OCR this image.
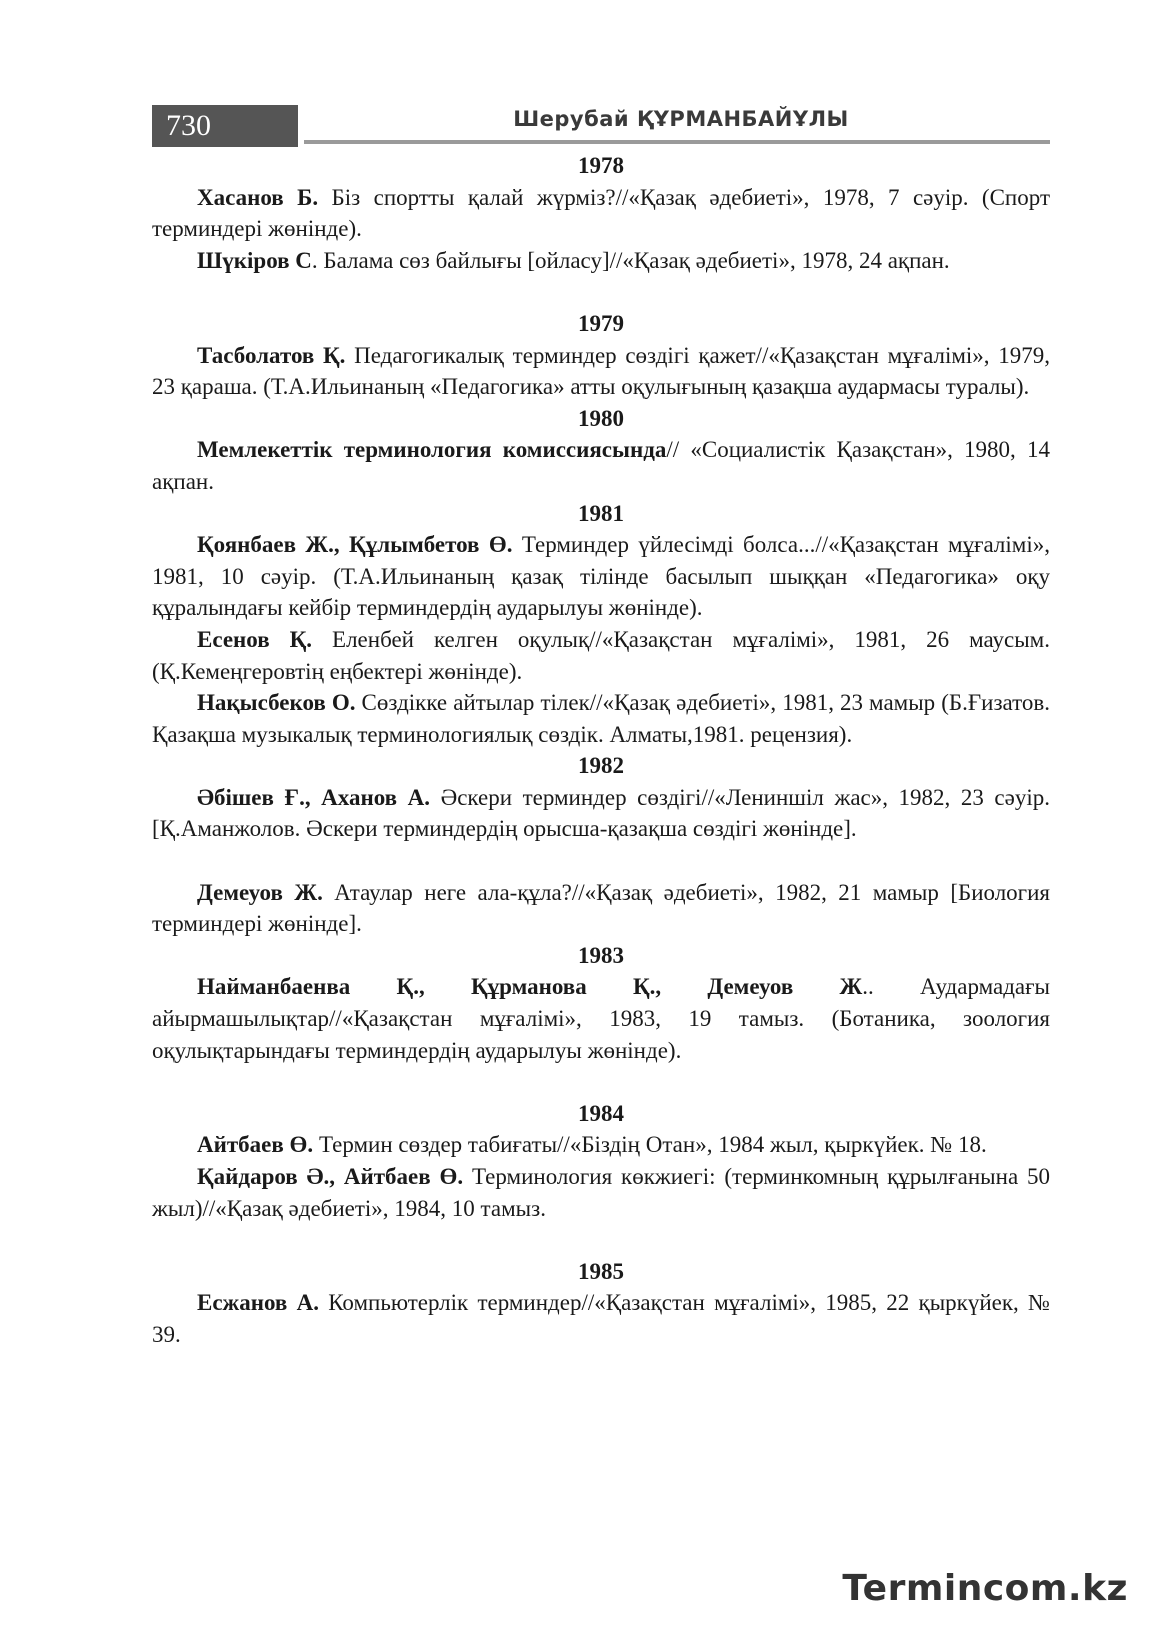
730	Шерубай ҚҰРМАНБАЙҰЛЫ

1978

Хасанов Б. Біз спортты қалай жүрміз?//«Қазақ әдебиеті», 1978, 7 сәуір. (Спорт терминдері жөнінде).

Шүкіров С. Балама сөз байлығы [ойласу]//«Қазақ әдебиеті», 1978, 24 ақпан.

1979

Тасболатов Қ. Педагогикалық терминдер сөздігі қажет//«Қазақстан мұғалімі», 1979, 23 қараша. (Т.А.Ильинаның «Педагогика» атты оқулығының қазақша аудармасы туралы).

1980

Мемлекеттік терминология комиссиясында// «Социалистік Қазақстан», 1980, 14 ақпан.

1981

Қоянбаев Ж., Құлымбетов Ө. Терминдер үйлесімді болса...//«Қазақстан мұғалімі», 1981, 10 сәуір. (Т.А.Ильинаның қазақ тілінде басылып шыққан «Педагогика» оқу құралындағы кейбір терминдердің аударылуы жөнінде).

Есенов Қ. Еленбей келген оқулық//«Қазақстан мұғалімі», 1981, 26 маусым. (Қ.Кемеңгеровтің еңбектері жөнінде).

Нақысбеков О. Сөздікке айтылар тілек//«Қазақ әдебиеті», 1981, 23 мамыр (Б.Ғизатов. Қазақша музыкалық терминологиялық сөздік. Алматы,1981. рецензия).

1982

Әбішев Ғ., Аханов А. Әскери терминдер сөздігі//«Лениншіл жас», 1982, 23 сәуір. [Қ.Аманжолов. Әскери терминдердің орысша-қазақша сөздігі жөнінде].

Демеуов Ж. Атаулар неге ала-құла?//«Қазақ әдебиеті», 1982, 21 мамыр [Биология терминдері жөнінде].

1983

Найманбаенва Қ., Құрманова Қ., Демеуов Ж.. Аудармадағы айырмашылықтар//«Қазақстан мұғалімі», 1983, 19 тамыз. (Ботаника, зоология оқулықтарындағы терминдердің аударылуы жөнінде).

1984

Айтбаев Ө. Термин сөздер табиғаты//«Біздің Отан», 1984 жыл, қыркүйек. № 18.

Қайдаров Ә., Айтбаев Ө. Терминология көкжиегі: (терминкомның құрылғанына 50 жыл)//«Қазақ әдебиеті», 1984, 10 тамыз.

1985

Есжанов А. Компьютерлік терминдер//«Қазақстан мұғалімі», 1985, 22 қыркүйек, № 39.

Termincom.kz
